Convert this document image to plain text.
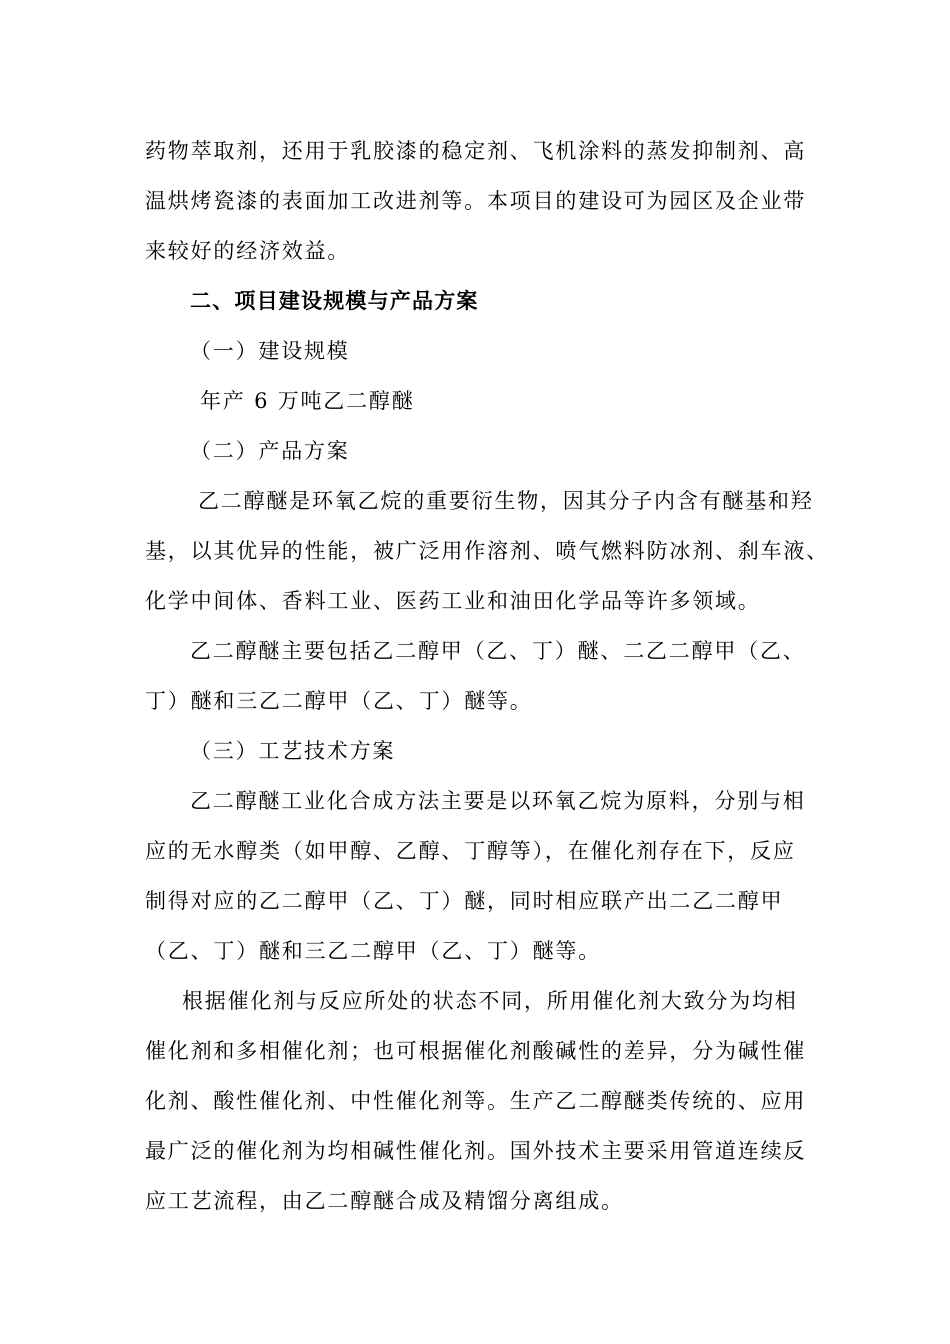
药物萃取剂，还用于乳胶漆的稳定剂、飞机涂料的蒸发抑制剂、高
温烘烤瓷漆的表面加工改进剂等。本项目的建设可为园区及企业带
来较好的经济效益。
二、项目建设规模与产品方案
（一）建设规模
年产 6 万吨乙二醇醚
（二）产品方案
乙二醇醚是环氧乙烷的重要衍生物，因其分子内含有醚基和羟
基，以其优异的性能，被广泛用作溶剂、喷气燃料防冰剂、刹车液、
化学中间体、香料工业、医药工业和油田化学品等许多领域。
乙二醇醚主要包括乙二醇甲（乙、丁）醚、二乙二醇甲（乙、
丁）醚和三乙二醇甲（乙、丁）醚等。
（三）工艺技术方案
乙二醇醚工业化合成方法主要是以环氧乙烷为原料，分别与相
应的无水醇类（如甲醇、乙醇、丁醇等），在催化剂存在下，反应
制得对应的乙二醇甲（乙、丁）醚，同时相应联产出二乙二醇甲
（乙、丁）醚和三乙二醇甲（乙、丁）醚等。
根据催化剂与反应所处的状态不同，所用催化剂大致分为均相
催化剂和多相催化剂；也可根据催化剂酸碱性的差异，分为碱性催
化剂、酸性催化剂、中性催化剂等。生产乙二醇醚类传统的、应用
最广泛的催化剂为均相碱性催化剂。国外技术主要采用管道连续反
应工艺流程，由乙二醇醚合成及精馏分离组成。
